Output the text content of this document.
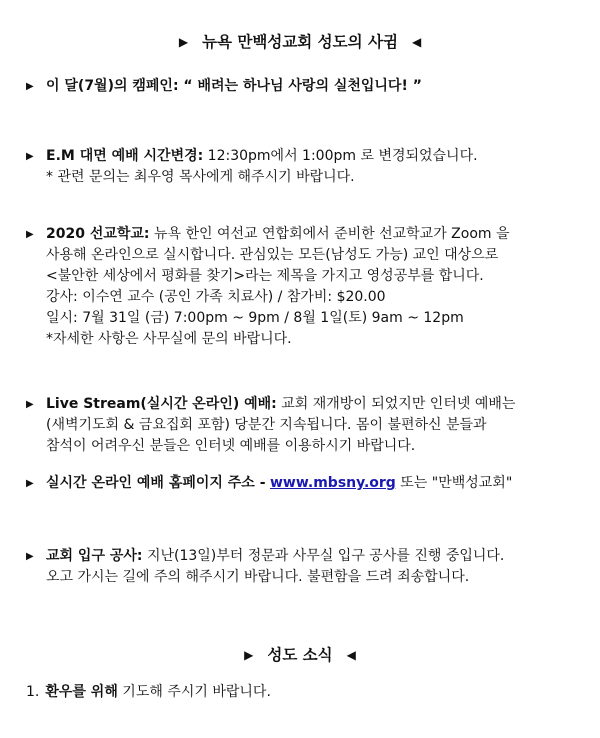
▶ 뉴욕 만백성교회 성도의 사귐 ◀
▶ 이 달(7월)의 캠페인: “ 배려는 하나님 사랑의 실천입니다! ”
▶ E.M 대면 예배 시간변경: 12:30pm에서 1:00pm 로 변경되었습니다.
* 관련 문의는 최우영 목사에게 해주시기 바랍니다.
▶ 2020 선교학교: 뉴욕 한인 여선교 연합회에서 준비한 선교학교가 Zoom 을
사용해 온라인으로 실시합니다. 관심있는 모든(남성도 가능) 교인 대상으로
<불안한 세상에서 평화를 찾기>라는 제목을 가지고 영성공부를 합니다.
강사: 이수연 교수 (공인 가족 치료사) / 참가비: $20.00
일시: 7월 31일 (금) 7:00pm ~ 9pm / 8월 1일(토) 9am ~ 12pm
*자세한 사항은 사무실에 문의 바랍니다.
▶ Live Stream(실시간 온라인) 예배: 교회 재개방이 되었지만 인터넷 예배는
(새벽기도회 & 금요집회 포함) 당분간 지속됩니다. 몸이 불편하신 분들과
참석이 어려우신 분들은 인터넷 예배를 이용하시기 바랍니다.
▶ 실시간 온라인 예배 홈페이지 주소 - www.mbsny.org 또는 "만백성교회"
▶ 교회 입구 공사: 지난(13일)부터 정문과 사무실 입구 공사를 진행 중입니다.
오고 가시는 길에 주의 해주시기 바랍니다. 불편함을 드려 죄송합니다.
▶ 성도 소식 ◀
1. 환우를 위해 기도해 주시기 바랍니다.
